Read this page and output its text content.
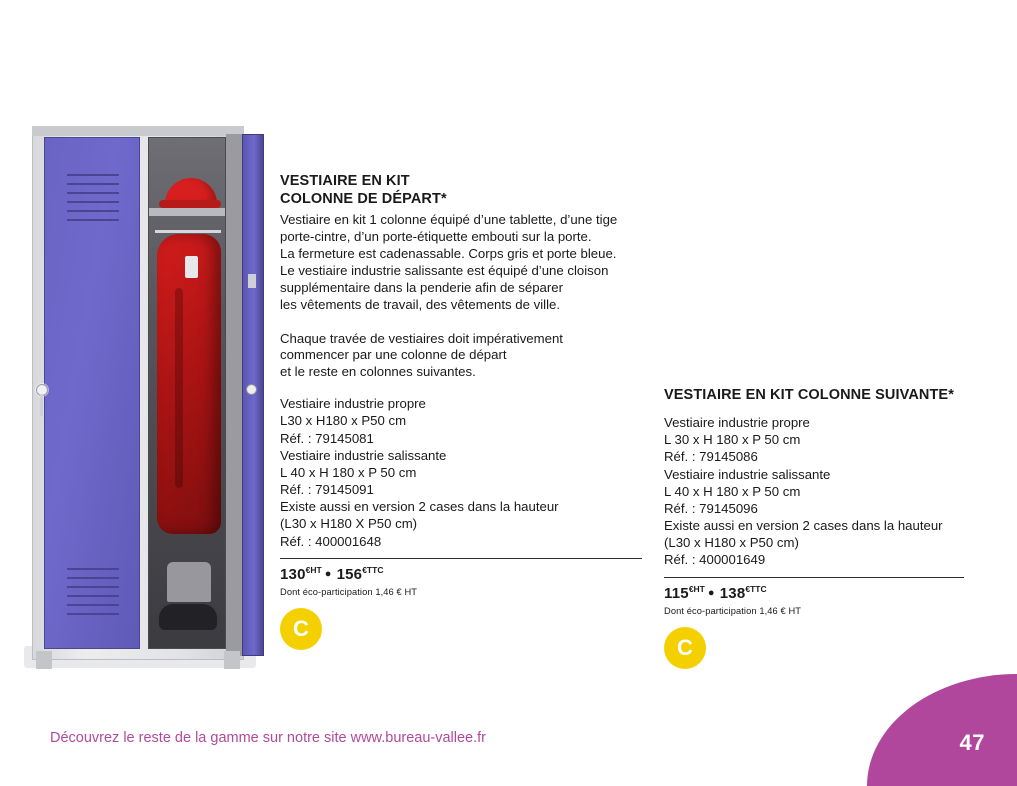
VESTIAIRE EN KIT
COLONNE DE DÉPART*

Vestiaire en kit 1 colonne équipé d’une tablette, d’une tige

porte-cintre, d’un porte-étiquette embouti sur la porte.

La fermeture est cadenassable. Corps gris et porte bleue.

Le vestiaire industrie salissante est équipé d’une cloison

supplémentaire dans la penderie afin de séparer

les vêtements de travail, des vêtements de ville.

Chaque travée de vestiaires doit impérativement

commencer par une colonne de départ

et le reste en colonnes suivantes.

Vestiaire industrie propre
L30 x H180 x P50 cm
Réf. : 79145081
Vestiaire industrie salissante
L 40 x H 180 x P 50 cm
Réf. : 79145091
Existe aussi en version 2 cases dans la hauteur
(L30 x H180 X P50 cm)
Réf. : 400001648
$130^{€HT}$ ● $156^{€TTC}$
Dont éco-participation 1,46 € HT
C
VESTIAIRE EN KIT COLONNE SUIVANTE*
Vestiaire industrie propre
L 30 x H 180 x P 50 cm
Réf. : 79145086
Vestiaire industrie salissante
L 40 x H 180 x P 50 cm
Réf. : 79145096
Existe aussi en version 2 cases dans la hauteur
(L30 x H180 x P50 cm)
Réf. : 400001649
$115^{€HT}$ ● $138^{€TTC}$
Dont éco-participation 1,46 € HT
C
Découvrez le reste de la gamme sur notre site www.bureau-vallee.fr	47
